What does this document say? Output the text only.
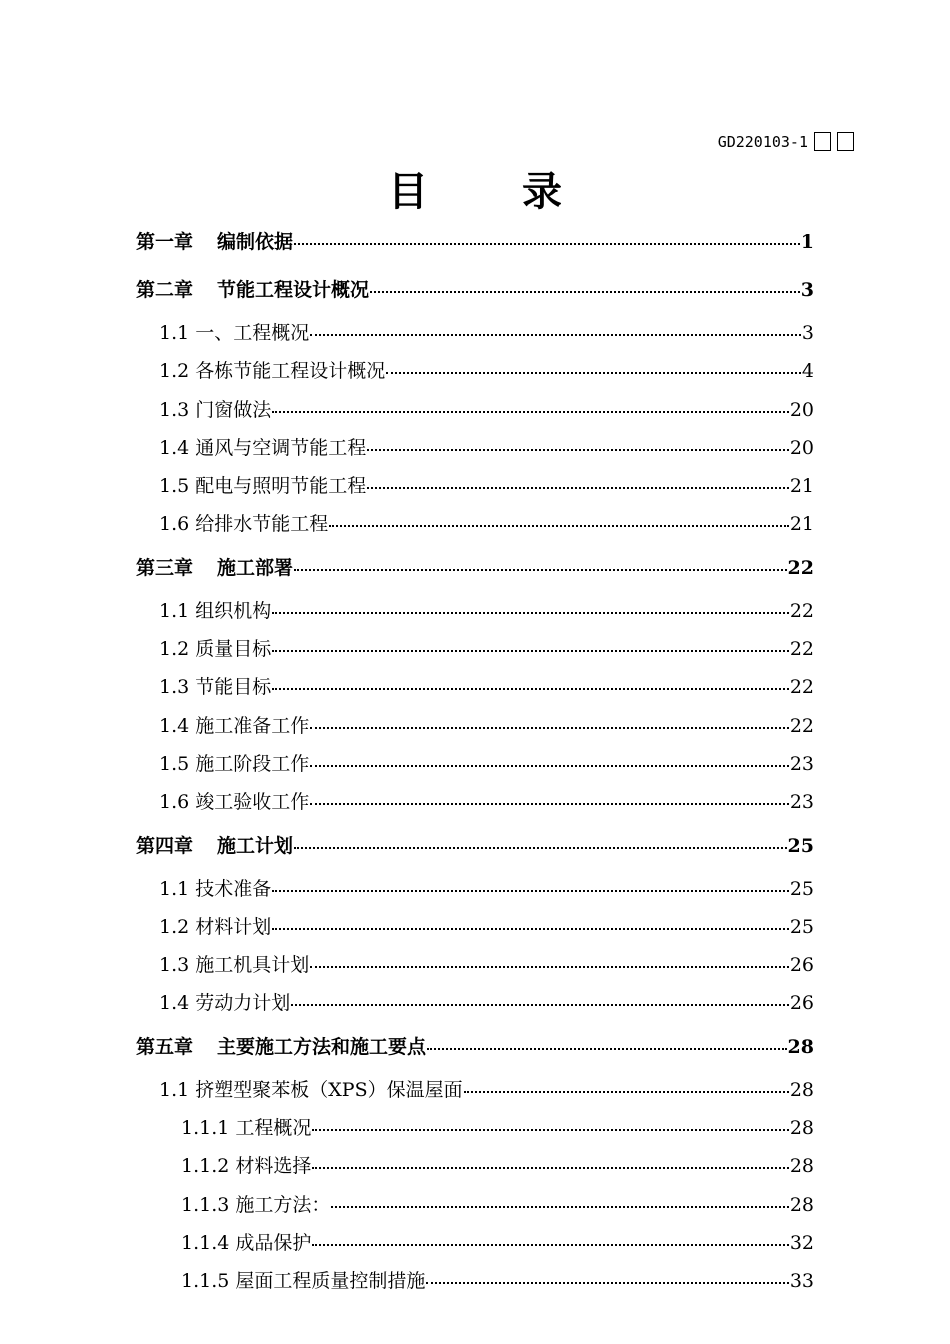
GD220103-1
目 录
第一章 编制依据	1
第二章 节能工程设计概况	3
1.1 一、工程概况	3
1.2 各栋节能工程设计概况	4
1.3 门窗做法	20
1.4 通风与空调节能工程	20
1.5 配电与照明节能工程	21
1.6 给排水节能工程	21
第三章 施工部署	22
1.1 组织机构	22
1.2 质量目标	22
1.3 节能目标	22
1.4 施工准备工作	22
1.5 施工阶段工作	23
1.6 竣工验收工作	23
第四章 施工计划	25
1.1 技术准备	25
1.2 材料计划	25
1.3 施工机具计划	26
1.4 劳动力计划	26
第五章 主要施工方法和施工要点	28
1.1 挤塑型聚苯板（XPS）保温屋面	28
1.1.1 工程概况	28
1.1.2 材料选择	28
1.1.3 施工方法：	28
1.1.4 成品保护	32
1.1.5 屋面工程质量控制措施	33
